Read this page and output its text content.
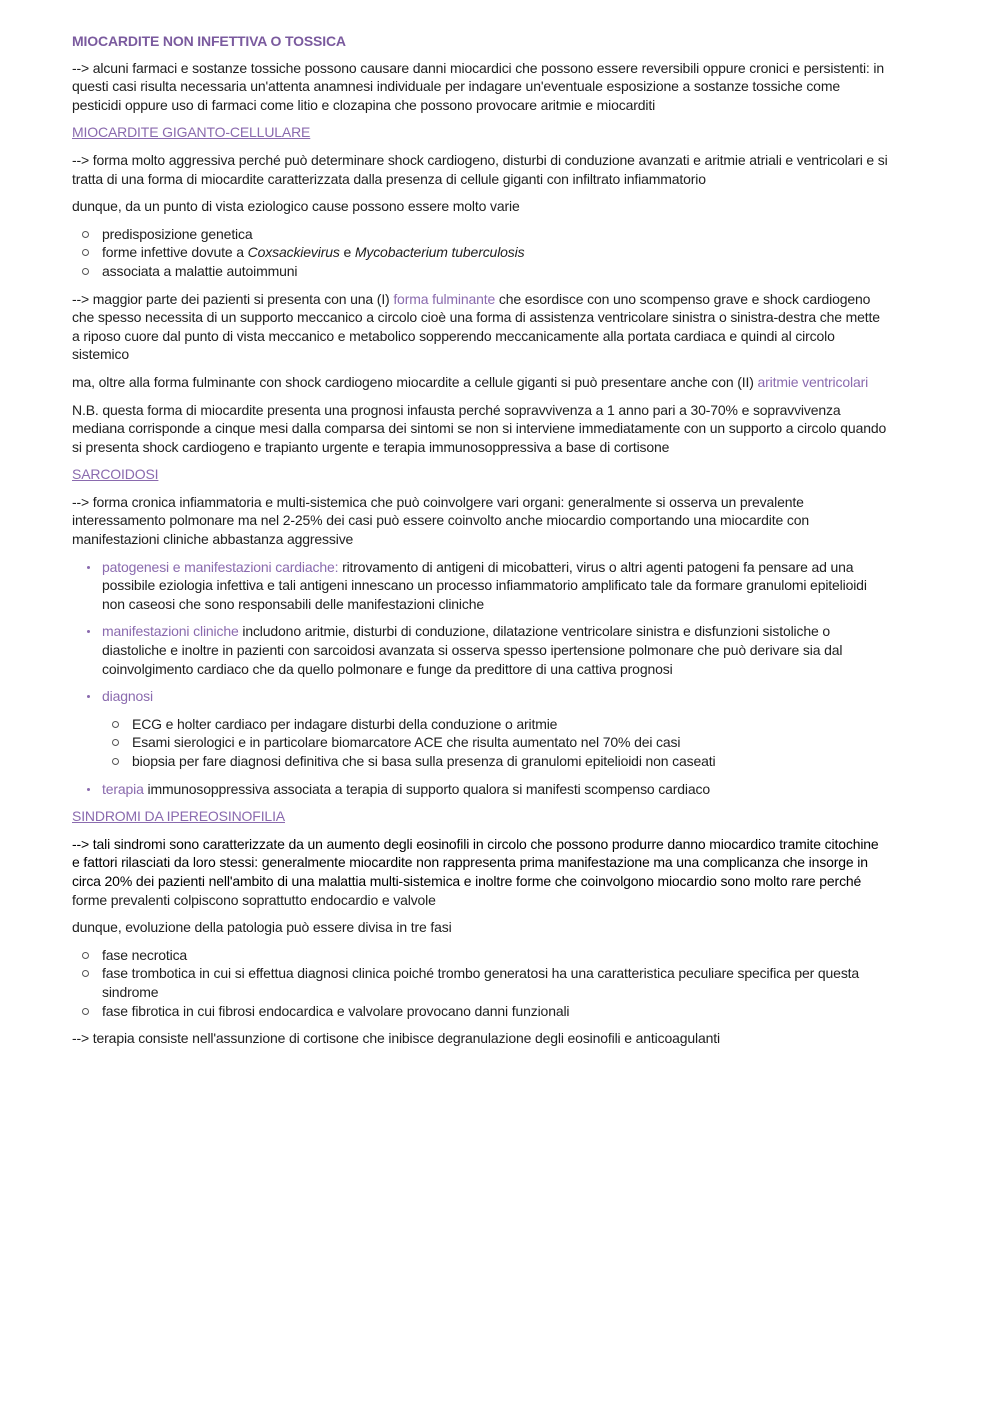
MIOCARDITE NON INFETTIVA O TOSSICA

--> alcuni farmaci e sostanze tossiche possono causare danni miocardici che possono essere reversibili oppure cronici e persistenti: in questi casi risulta necessaria un'attenta anamnesi individuale per indagare un'eventuale esposizione a sostanze tossiche come pesticidi oppure uso di farmaci come litio e clozapina che possono provocare aritmie e miocarditi

MIOCARDITE GIGANTO-CELLULARE

--> forma molto aggressiva perché può determinare shock cardiogeno, disturbi di conduzione avanzati e aritmie atriali e ventricolari e si tratta di una forma di miocardite caratterizzata dalla presenza di cellule giganti con infiltrato infiammatorio

dunque, da un punto di vista eziologico cause possono essere molto varie

predisposizione genetica
forme infettive dovute a Coxsackievirus e Mycobacterium tuberculosis
associata a malattie autoimmuni

--> maggior parte dei pazienti si presenta con una (I) forma fulminante che esordisce con uno scompenso grave e shock cardiogeno che spesso necessita di un supporto meccanico a circolo cioè una forma di assistenza ventricolare sinistra o sinistra-destra che mette a riposo cuore dal punto di vista meccanico e metabolico sopperendo meccanicamente alla portata cardiaca e quindi al circolo sistemico

ma, oltre alla forma fulminante con shock cardiogeno miocardite a cellule giganti si può presentare anche con (II) aritmie ventricolari

N.B. questa forma di miocardite presenta una prognosi infausta perché sopravvivenza a 1 anno pari a 30-70% e sopravvivenza mediana corrisponde a cinque mesi dalla comparsa dei sintomi se non si interviene immediatamente con un supporto a circolo quando si presenta shock cardiogeno e trapianto urgente e terapia immunosoppressiva a base di cortisone

SARCOIDOSI

--> forma cronica infiammatoria e multi-sistemica che può coinvolgere vari organi: generalmente si osserva un prevalente interessamento polmonare ma nel 2-25% dei casi può essere coinvolto anche miocardio comportando una miocardite con manifestazioni cliniche abbastanza aggressive

patogenesi e manifestazioni cardiache: ritrovamento di antigeni di micobatteri, virus o altri agenti patogeni fa pensare ad una possibile eziologia infettiva e tali antigeni innescano un processo infiammatorio amplificato tale da formare granulomi epitelioidi non caseosi che sono responsabili delle manifestazioni cliniche
manifestazioni cliniche includono aritmie, disturbi di conduzione, dilatazione ventricolare sinistra e disfunzioni sistoliche o diastoliche e inoltre in pazienti con sarcoidosi avanzata si osserva spesso ipertensione polmonare che può derivare sia dal coinvolgimento cardiaco che da quello polmonare e funge da predittore di una cattiva prognosi
diagnosi
ECG e holter cardiaco per indagare disturbi della conduzione o aritmie
Esami sierologici e in particolare biomarcatore ACE che risulta aumentato nel 70% dei casi
biopsia per fare diagnosi definitiva che si basa sulla presenza di granulomi epitelioidi non caseati
terapia immunosoppressiva associata a terapia di supporto qualora si manifesti scompenso cardiaco
SINDROMI DA IPEREOSINOFILIA

--> tali sindromi sono caratterizzate da un aumento degli eosinofili in circolo che possono produrre danno miocardico tramite citochine e fattori rilasciati da loro stessi: generalmente miocardite non rappresenta prima manifestazione ma una complicanza che insorge in circa 20% dei pazienti nell'ambito di una malattia multi-sistemica e inoltre forme che coinvolgono miocardio sono molto rare perché forme prevalenti colpiscono soprattutto endocardio e valvole

dunque, evoluzione della patologia può essere divisa in tre fasi

fase necrotica
fase trombotica in cui si effettua diagnosi clinica poiché trombo generatosi ha una caratteristica peculiare specifica per questa sindrome
fase fibrotica in cui fibrosi endocardica e valvolare provocano danni funzionali

--> terapia consiste nell'assunzione di cortisone che inibisce degranulazione degli eosinofili e anticoagulanti
